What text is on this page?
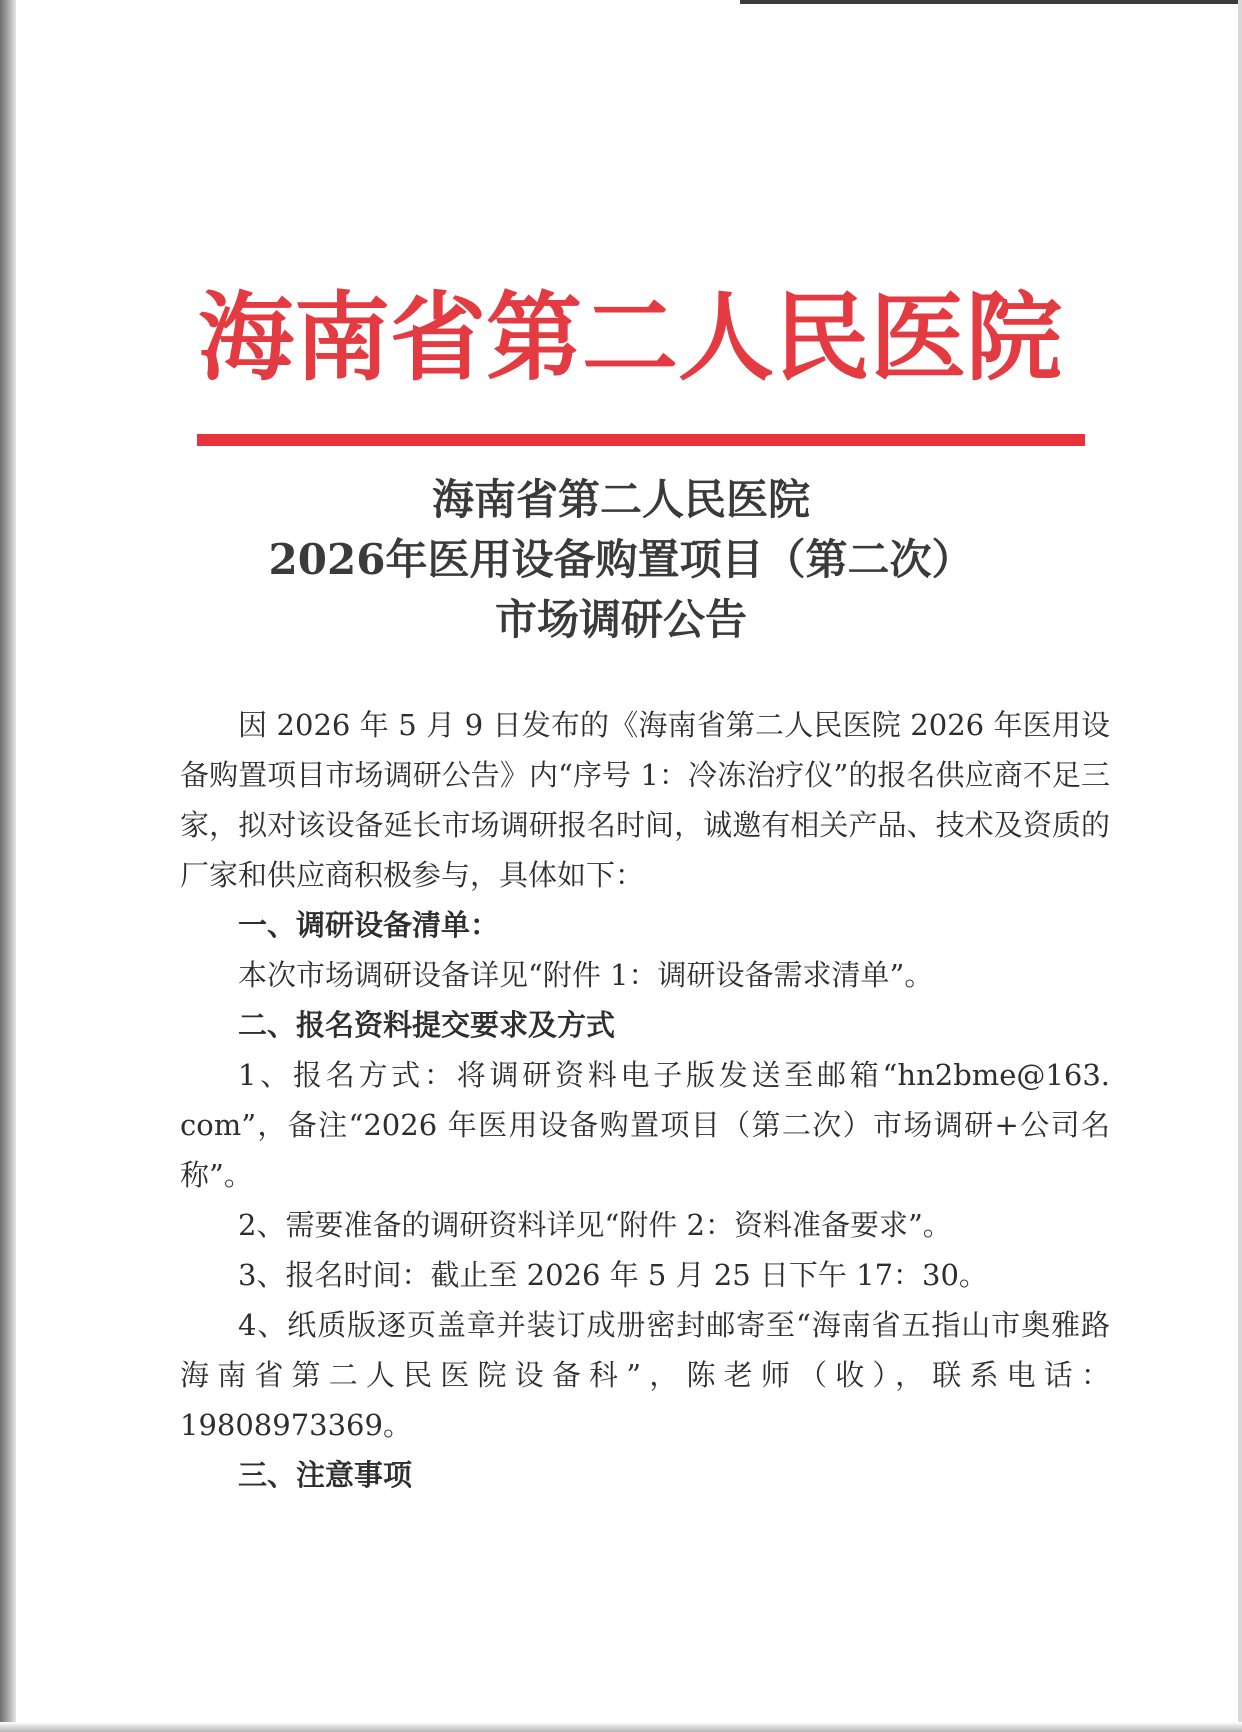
海南省第二人民医院
海南省第二人民医院
2026年医用设备购置项目（第二次）
市场调研公告

因 2026 年 5 月 9 日发布的《海南省第二人民医院 2026 年医用设备购置项目市场调研公告》内“序号 1：冷冻治疗仪”的报名供应商不足三家，拟对该设备延长市场调研报名时间，诚邀有相关产品、技术及资质的厂家和供应商积极参与，具体如下：

一、调研设备清单：

本次市场调研设备详见“附件 1：调研设备需求清单”。

二、报名资料提交要求及方式

1、报名方式：将调研资料电子版发送至邮箱“hn2bme@163. com”，备注“2026 年医用设备购置项目（第二次）市场调研+公司名称”。

2、需要准备的调研资料详见“附件 2：资料准备要求”。

3、报名时间：截止至 2026 年 5 月 25 日下午 17：30。

4、纸质版逐页盖章并装订成册密封邮寄至“海南省五指山市奥雅路海南省第二人民医院设备科”，陈老师（收），联系电话：19808973369。

三、注意事项
